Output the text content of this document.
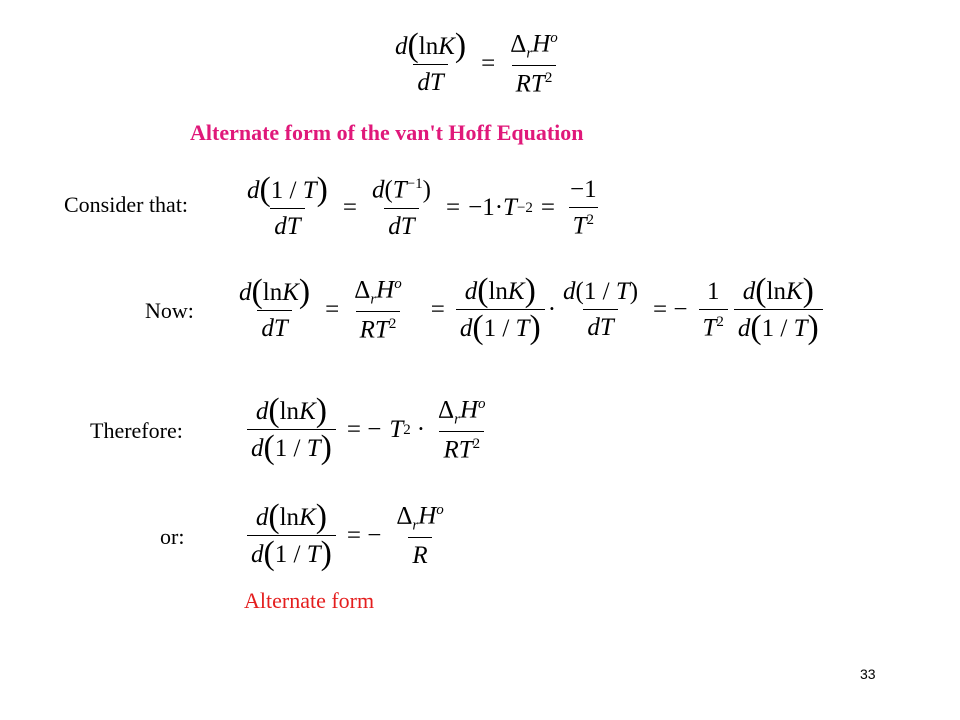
$\frac{d(\ln K)}{dT} = \frac{\Delta_rH^o}{RT^2}$
Alternate form of the van't Hoff Equation
Consider that: $\frac{d(1 / T)}{dT} = \frac{d(T^{-1})}{dT} = -1\cdot T -2 = \frac{-1}{T^2}$
Now: $\frac{d(\ln K)}{dT} = \frac{\Delta_rH^o}{RT^2} = \frac{d(\ln K)}{d(1 / T)} \cdot \frac{d(1 / T)}{dT}$ = − $\frac{1}{T^2} \frac{d(\ln K)}{d(1 / T)}$
Therefore:	$\frac{d(\ln K)}{d(1 / T)}$ = − T $2 \cdot \frac{\Delta_rH^o}{RT^2}$
or:	$\frac{d(\ln K)}{d(1 / T)}$ = − $\frac{\Delta_rH^o}{R}$
Alternate form
33
